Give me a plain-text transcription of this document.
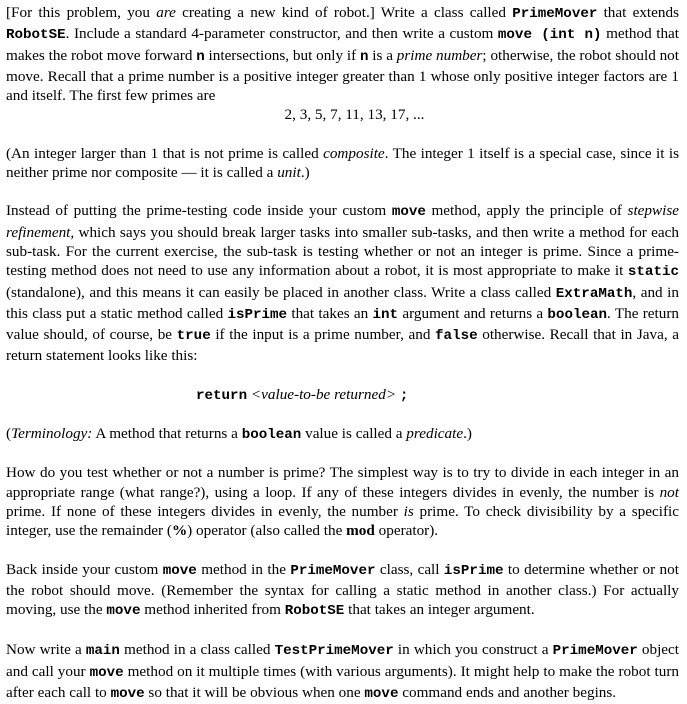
[For this problem, you are creating a new kind of robot.] Write a class called PrimeMover that extends RobotSE. Include a standard 4-parameter constructor, and then write a custom move (int n) method that makes the robot move forward n intersections, but only if n is a prime number; otherwise, the robot should not move. Recall that a prime number is a positive integer greater than 1 whose only positive integer factors are 1 and itself. The first few primes are
2, 3, 5, 7, 11, 13, 17, ...

(An integer larger than 1 that is not prime is called composite. The integer 1 itself is a special case, since it is neither prime nor composite — it is called a unit.)

Instead of putting the prime-testing code inside your custom move method, apply the principle of stepwise refinement, which says you should break larger tasks into smaller sub-tasks, and then write a method for each sub-task. For the current exercise, the sub-task is testing whether or not an integer is prime. Since a prime-testing method does not need to use any information about a robot, it is most appropriate to make it static (standalone), and this means it can easily be placed in another class. Write a class called ExtraMath, and in this class put a static method called isPrime that takes an int argument and returns a boolean. The return value should, of course, be true if the input is a prime number, and false otherwise. Recall that in Java, a return statement looks like this:

return <value-to-be returned> ;

(Terminology: A method that returns a boolean value is called a predicate.)

How do you test whether or not a number is prime? The simplest way is to try to divide in each integer in an appropriate range (what range?), using a loop. If any of these integers divides in evenly, the number is not prime. If none of these integers divides in evenly, the number is prime. To check divisibility by a specific integer, use the remainder (%) operator (also called the mod operator).

Back inside your custom move method in the PrimeMover class, call isPrime to determine whether or not the robot should move. (Remember the syntax for calling a static method in another class.) For actually moving, use the move method inherited from RobotSE that takes an integer argument.

Now write a main method in a class called TestPrimeMover in which you construct a PrimeMover object and call your move method on it multiple times (with various arguments). It might help to make the robot turn after each call to move so that it will be obvious when one move command ends and another begins.
